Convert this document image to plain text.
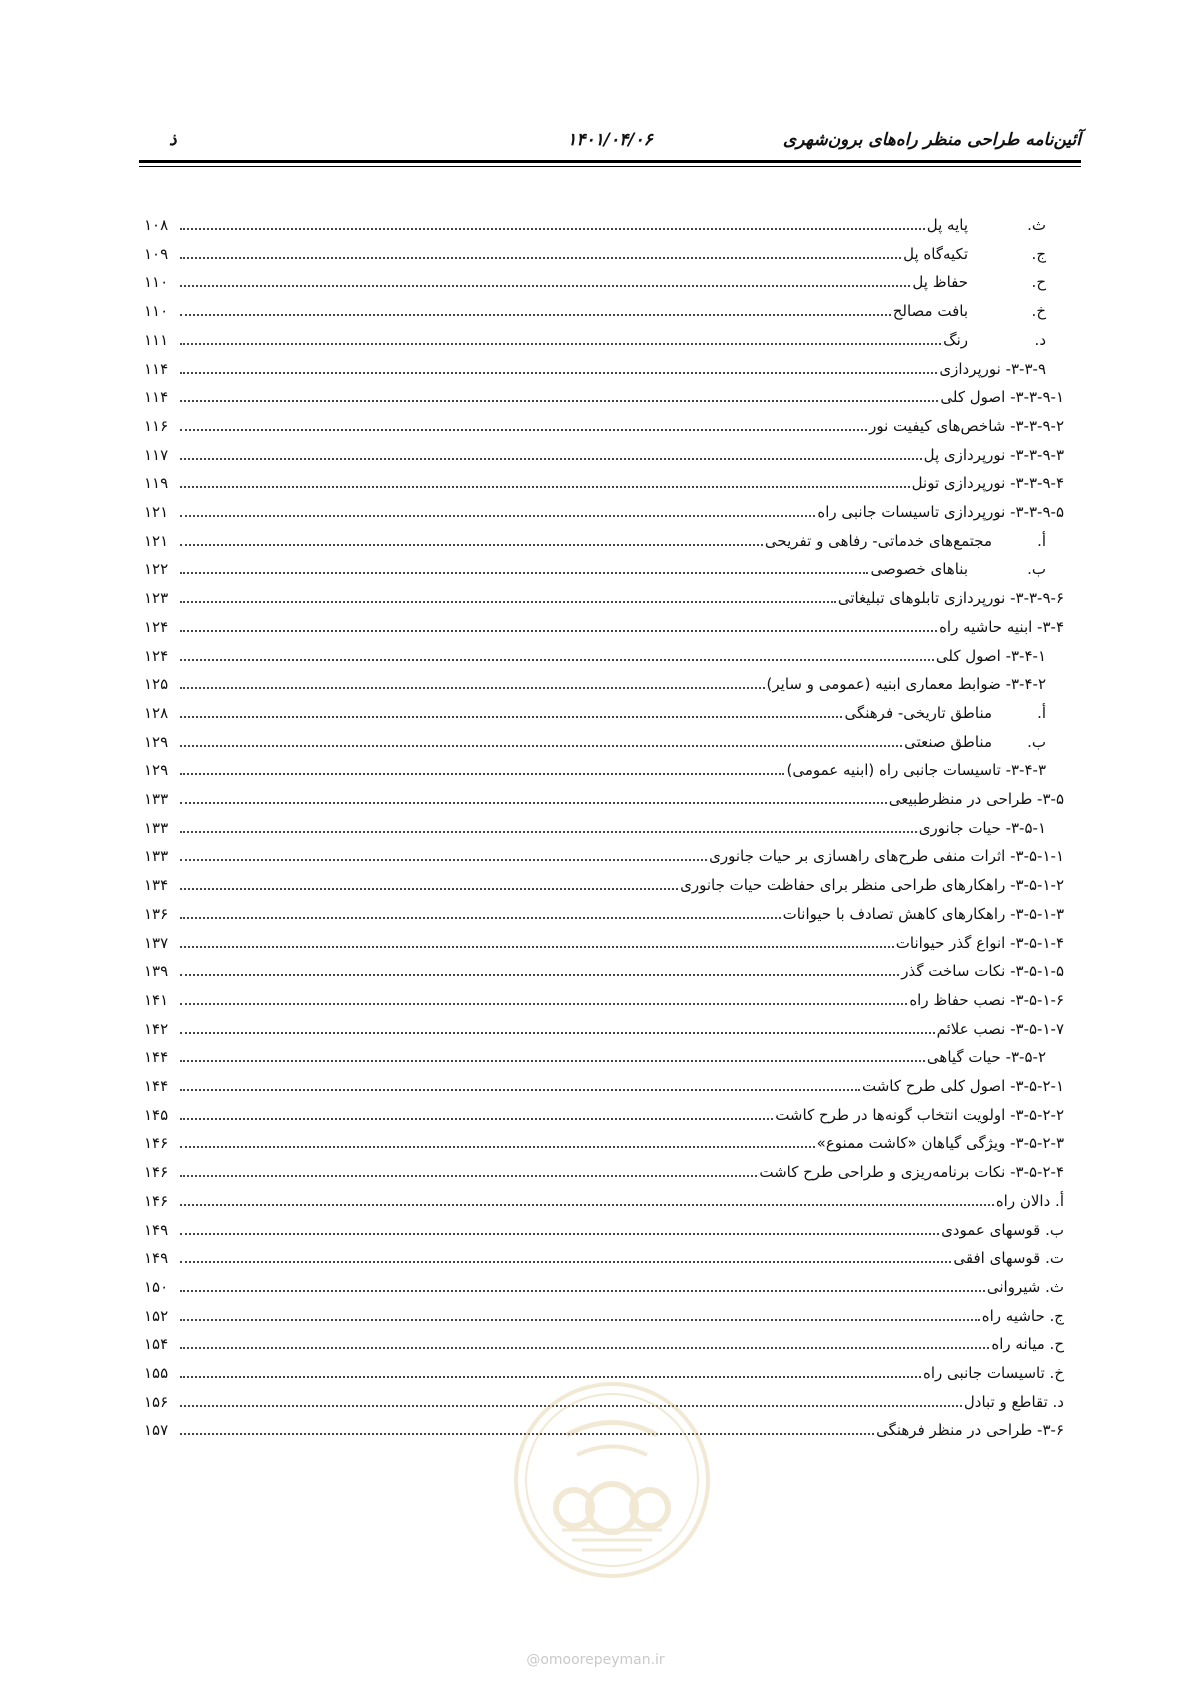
آئین‌نامه طراحی منظر راه‌های برون‌شهری
۱۴۰۱/۰۴/۰۶
ذ
ث.
پایه پل
۱۰۸
ج.
تکیه‌گاه پل
۱۰۹
ح.
حفاظ پل
۱۱۰
خ.
بافت مصالح
۱۱۰
د.
رنگ
۱۱۱
۳-۳-۹- نورپردازی
۱۱۴
۳-۳-۹-۱- اصول کلی
۱۱۴
۳-۳-۹-۲- شاخص‌های کیفیت نور
۱۱۶
۳-۳-۹-۳- نورپردازی پل
۱۱۷
۳-۳-۹-۴- نورپردازی تونل
۱۱۹
۳-۳-۹-۵- نورپردازی تاسیسات جانبی راه
۱۲۱
أ.
مجتمع‌های خدماتی- رفاهی و تفریحی
۱۲۱
ب.
بناهای خصوصی
۱۲۲
۳-۳-۹-۶- نورپردازی تابلوهای تبلیغاتی
۱۲۳
۳-۴- ابنیه حاشیه راه
۱۲۴
۳-۴-۱- اصول کلی
۱۲۴
۳-۴-۲- ضوابط معماری ابنیه (عمومی و سایر)
۱۲۵
أ.
مناطق تاریخی- فرهنگی
۱۲۸
ب.
مناطق صنعتی
۱۲۹
۳-۴-۳- تاسیسات جانبی راه (ابنیه عمومی)
۱۲۹
۳-۵- طراحی در منظرطبیعی
۱۳۳
۳-۵-۱- حیات جانوری
۱۳۳
۳-۵-۱-۱- اثرات منفی طرح‌های راهسازی بر حیات جانوری
۱۳۳
۳-۵-۱-۲- راهکارهای طراحی منظر برای حفاظت حیات جانوری
۱۳۴
۳-۵-۱-۳- راهکارهای کاهش تصادف با حیوانات
۱۳۶
۳-۵-۱-۴- انواع گذر حیوانات
۱۳۷
۳-۵-۱-۵- نکات ساخت گذر
۱۳۹
۳-۵-۱-۶- نصب حفاظ راه
۱۴۱
۳-۵-۱-۷- نصب علائم
۱۴۲
۳-۵-۲- حیات گیاهی
۱۴۴
۳-۵-۲-۱- اصول کلی طرح کاشت
۱۴۴
۳-۵-۲-۲- اولویت انتخاب گونه‌ها در طرح کاشت
۱۴۵
۳-۵-۲-۳- ویژگی گیاهان «کاشت ممنوع»
۱۴۶
۳-۵-۲-۴- نکات برنامه‌ریزی و طراحی طرح کاشت
۱۴۶
أ. دالان راه
۱۴۶
ب. قوسهای عمودی
۱۴۹
ت. قوسهای افقی
۱۴۹
ث. شیروانی
۱۵۰
ج. حاشیه راه
۱۵۲
ح. میانه راه
۱۵۴
خ. تاسیسات جانبی راه
۱۵۵
د. تقاطع و تبادل
۱۵۶
۳-۶- طراحی در منظر فرهنگی
۱۵۷
@omoorepeyman.ir
